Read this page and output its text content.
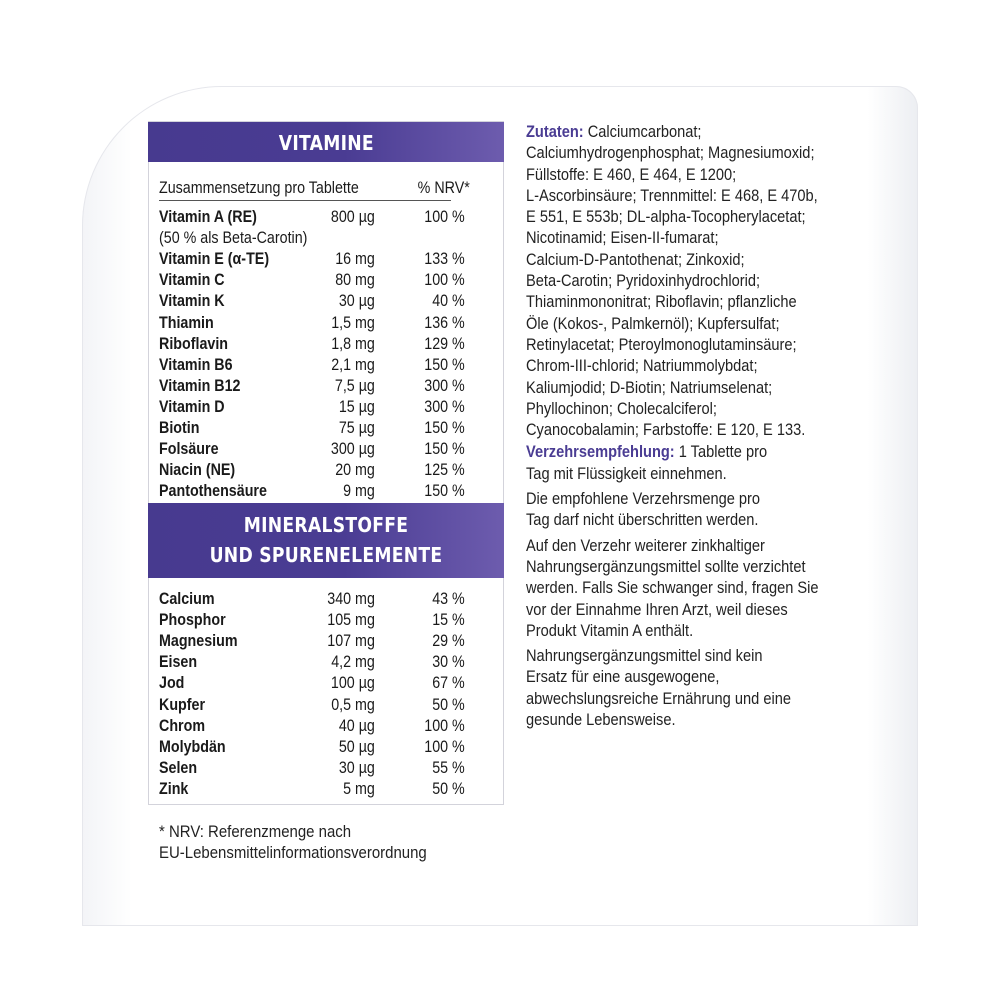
VITAMINE
Zusammensetzung pro Tablette	% NRV*
Vitamin A (RE)	800 µg	100 %
(50 % als Beta-Carotin)
Vitamin E (α-TE)	16 mg	133 %
Vitamin C	80 mg	100 %
Vitamin K	30 µg	40 %
Thiamin	1,5 mg	136 %
Riboflavin	1,8 mg	129 %
Vitamin B6	2,1 mg	150 %
Vitamin B12	7,5 µg	300 %
Vitamin D	15 µg	300 %
Biotin	75 µg	150 %
Folsäure	300 µg	150 %
Niacin (NE)	20 mg	125 %
Pantothensäure	9 mg	150 %
MINERALSTOFFE
UND SPURENELEMENTE
Calcium	340 mg	43 %
Phosphor	105 mg	15 %
Magnesium	107 mg	29 %
Eisen	4,2 mg	30 %
Jod	100 µg	67 %
Kupfer	0,5 mg	50 %
Chrom	40 µg	100 %
Molybdän	50 µg	100 %
Selen	30 µg	55 %
Zink	5 mg	50 %
* NRV: Referenzmenge nach
EU-Lebensmittelinformationsverordnung
Zutaten: Calciumcarbonat;
Calciumhydrogenphosphat; Magnesiumoxid;
Füllstoffe: E 460, E 464, E 1200;
L-Ascorbinsäure; Trennmittel: E 468, E 470b,
E 551, E 553b; DL-alpha-Tocopherylacetat;
Nicotinamid; Eisen-II-fumarat;
Calcium-D-Pantothenat; Zinkoxid;
Beta-Carotin; Pyridoxinhydrochlorid;
Thiaminmononitrat; Riboflavin; pflanzliche
Öle (Kokos-, Palmkernöl); Kupfersulfat;
Retinylacetat; Pteroylmonoglutaminsäure;
Chrom-III-chlorid; Natriummolybdat;
Kaliumjodid; D-Biotin; Natriumselenat;
Phyllochinon; Cholecalciferol;
Cyanocobalamin; Farbstoffe: E 120, E 133.
Verzehrsempfehlung: 1 Tablette pro
Tag mit Flüssigkeit einnehmen.
Die empfohlene Verzehrsmenge pro
Tag darf nicht überschritten werden.
Auf den Verzehr weiterer zinkhaltiger
Nahrungsergänzungsmittel sollte verzichtet
werden. Falls Sie schwanger sind, fragen Sie
vor der Einnahme Ihren Arzt, weil dieses
Produkt Vitamin A enthält.
Nahrungsergänzungsmittel sind kein
Ersatz für eine ausgewogene,
abwechslungsreiche Ernährung und eine
gesunde Lebensweise.
